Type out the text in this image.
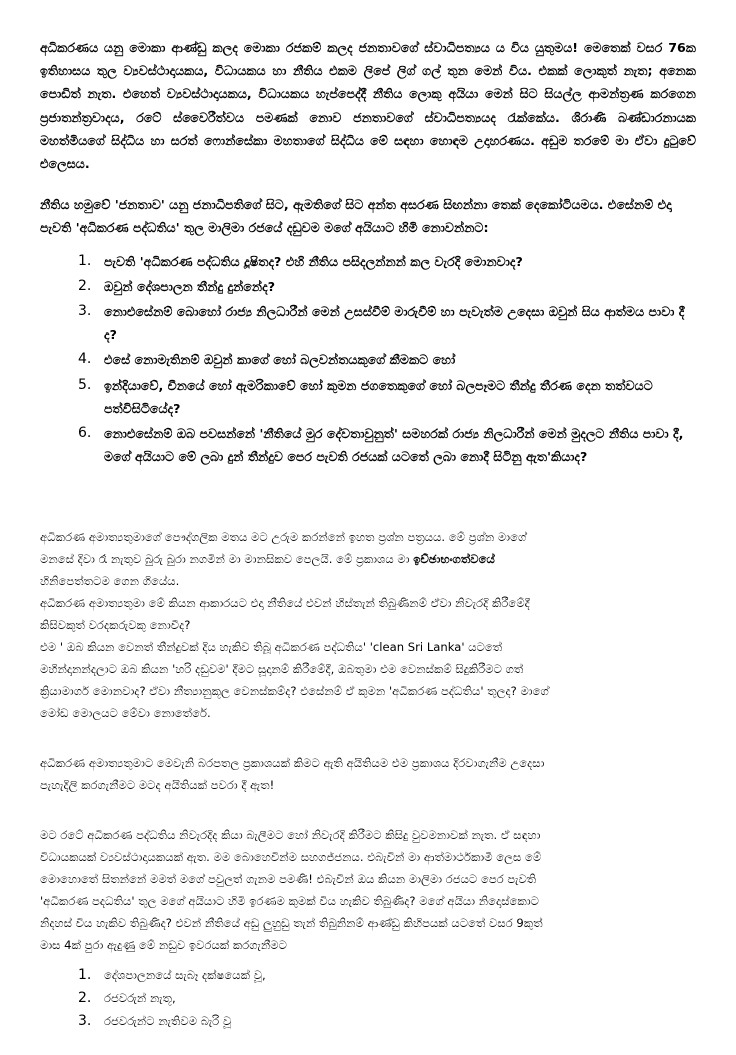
අධිකරණය යනු මොකා ආණ්ඩු කලද මොකා රජකම් කලද ජනතාවගේ ස්වාධිපත්‍යය ය විය යුතුමය! මෙතෙක් වසර 76ක ඉතිහාසය තුල ව්‍යවස්ථාදායකය, විධායකය හා නීතිය එකම ලිපේ ලිග් ගල් තුන මෙන් විය. එකක් ලොකුත් නැත; අනෙක පොඩිත් නැත. එහෙත් ව්‍යවස්ථාදායකය, විධායකය හැප්පෙද්දී නීතිය ලොකු අයියා මෙන් සිට සියල්ල ආමන්ත්‍රණ කරගෙන ප්‍රජාතන්ත්‍රවාදය, රටේ ස්වෛරීත්වය පමණක් නොව ජනතාවගේ ස්වාධිපත්‍යයද රැක්කේය. ශිරාණි බණ්ඩාරනායක මහත්මියගේ සිද්ධිය හා සරත් ෆොන්සේකා මහතාගේ සිද්ධිය මේ සඳහා හොඳම උදාහරණය. අඩුම තරමේ මා ඒවා දුටුවේ එලෙසය.

නීතිය හමුවේ 'ජනතාව' යනු ජනාධිපතිගේ සිට, ඇමතිගේ සිට අන්ත අසරණ සිඟන්නා තෙක් දෙකෝටියමය. එසේනම් එදා පැවති 'අධිකරණ පද්ධතිය' තුල මාලිමා රජයේ දඩුවම මගේ අයියාට හිමි නොවන්නට:

1. පැවති 'අධිකරණ පද්ධතිය දූෂිතද? එහි නීතිය පසිදලන්නන් කල වැරදි මොනවාද?
2. ඔවුන් දේශපාලන තීන්දු දුන්නේද?
3. නොඑසේනම් බොහෝ රාජ්‍ය නිලධාරීන් මෙන් උසස්වීම් මාරුවීම් හා පැවැත්ම උදෙසා ඔවුන් සිය ආත්මය පාවා දී ද?
4. එසේ නොමැතිනම් ඔවුන් කාගේ හෝ බලවන්තයකුගේ කීමකට හෝ
5. ඉන්දියාවේ, චීනයේ හෝ ඇමරිකාවේ හෝ කුමන ජගතෙකුගේ හෝ බලපෑමට තීන්දු තීරණ දෙන තත්වයට පත්විසිටියේද?
6. නොඑසේනම් ඔබ පවසන්නේ 'නීතියේ මුර දේවතාවුනුත්' සමහරක් රාජ්‍ය නිලධාරීන් මෙන් මුදලට නීතිය පාවා දී, මගේ අයියාට මේ ලබා දුන් තීන්දුව පෙර පැවති රජයක් යටතේ ලබා නොදී සිටිනු ඇත'කියාද?

අධිකරණ අමාත්‍යතුමාගේ පෞද්ගලික මතය මට උරුම කරන්නේ ඉහත ප්‍රශ්න පත්‍රයය. මේ ප්‍රශ්න මාගේ
මනසේ දිවා රෑ නැතුව බුරු බුරා නගමින් මා මානසිකව පෙලයි. මේ ප්‍රකාශය මා ඉච්ඡාභංගත්වයේ
හිනිපෙත්තටම ගෙන ගියේය.
අධිකරණ අමාත්‍යතුමා මේ කියන ආකාරයට එදා නීතියේ එවන් හිස්තැන් තිබුණිනම් ඒවා නිවැරදි කිරීමේදී
කිසිවකුත් වරදකරුවකු නොවීද?
එම ' ඔබ කියන වෙනත් තීන්දුවක් දිය හැකිව තිබූ අධිකරණ පද්ධතිය' 'clean Sri Lanka' යටතේ
මහින්දානන්දලාට ඔබ කියන 'හරි දඩුවම' දීමට සූදානම් කිරීමේදී, ඔබතුමා එම වෙනස්කම් සිදුකිරීමට ගත්
ක්‍රියාමාර්ග මොනවාද? ඒවා නීත්‍යානුකූල වෙනස්කම්ද? එසේනම් ඒ කුමන 'අධිකරණ පද්ධතිය' තුලද? මාගේ
මෝඩ මොලයට මේවා නොතේරේ.

අධිකරණ අමාත්‍යතුමාට මෙවැනි බරපතල ප්‍රකාශයක් කිමට ඇති අයිතියම එම ප්‍රකාශය දිරවාගැනීම උදෙසා
පැහැදිලි කරගැනීමට මටද අයිතියක් පවරා දී ඇත!

මට රටේ අධිකරණ පද්ධතිය නිවැරදිද කියා බැලීමට හෝ නිවැරදි කිරීමට කිසිදු වුවමනාවක් නැත. ඒ සඳහා
විධායකයක් ව්‍යවස්ථාදායකයක් ඇත. මම බොහෙවින්ම සහගජ්ජනය. එබැවින් මා ආත්මාර්ථකාමී ලෙස මේ
මොහොතේ සිතන්නේ මමත් මගේ පවුලත් ගැනම පමණි! එබැවින් ඔය කියන මාලිමා රජයට පෙර පැවති
'අධිකරණ පදධතිය' තුල මගේ අයියාට හිමි ඉරණම කුමක් විය හැකිව තිබුණිද? මගේ අයියා නිදොස්කොට
නිදහස් විය හැකිව තිබුණිද? එවන් නීතියේ අඩු ලුහුඩු තැන් තිබුනිනම් ආණ්ඩු කිහිපයක් යටතේ වසර 9කුත්
මාස 4ක් පුරා ඇදුණු මේ නඩුව ඉවරයක් කරගැනීමට

1. දේශපාලනයේ සැබෑ දක්ෂයෙක් වූ,
2. රජවරුන් නැතූ,
3. රජවරුන්ට නැතිවම බැරි වූ
